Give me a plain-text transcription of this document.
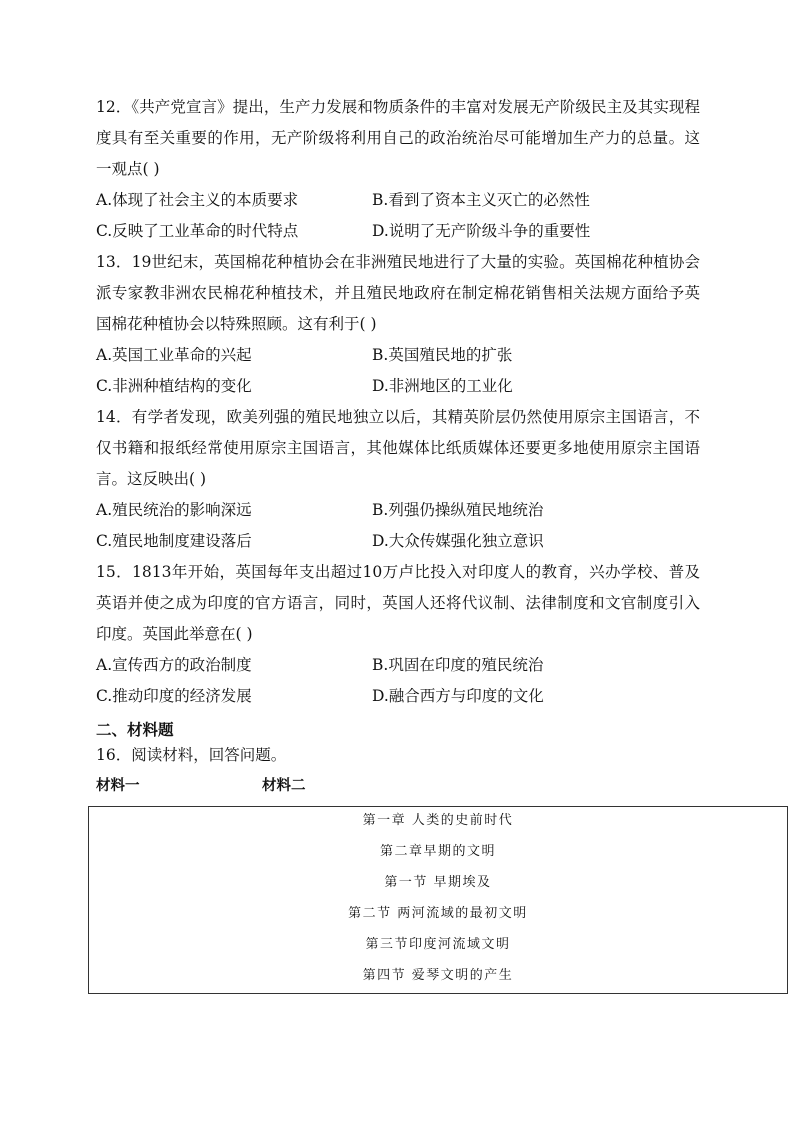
12．《共产党宣言》提出，生产力发展和物质条件的丰富对发展无产阶级民主及其实现程度具有至关重要的作用，无产阶级将利用自己的政治统治尽可能增加生产力的总量。这一观点( )

A.体现了社会主义的本质要求	B.看到了资本主义灭亡的必然性
C.反映了工业革命的时代特点	D.说明了无产阶级斗争的重要性

13．19世纪末，英国棉花种植协会在非洲殖民地进行了大量的实验。英国棉花种植协会派专家教非洲农民棉花种植技术，并且殖民地政府在制定棉花销售相关法规方面给予英国棉花种植协会以特殊照顾。这有利于( )

A.英国工业革命的兴起	B.英国殖民地的扩张
C.非洲种植结构的变化	D.非洲地区的工业化

14．有学者发现，欧美列强的殖民地独立以后，其精英阶层仍然使用原宗主国语言，不仅书籍和报纸经常使用原宗主国语言，其他媒体比纸质媒体还要更多地使用原宗主国语言。这反映出( )

A.殖民统治的影响深远	B.列强仍操纵殖民地统治
C.殖民地制度建设落后	D.大众传媒强化独立意识

15．1813年开始，英国每年支出超过10万卢比投入对印度人的教育，兴办学校、普及英语并使之成为印度的官方语言，同时，英国人还将代议制、法律制度和文官制度引入印度。英国此举意在( )

A.宣传西方的政治制度	B.巩固在印度的殖民统治
C.推动印度的经济发展	D.融合西方与印度的文化
二、材料题
16．阅读材料，回答问题。
材料一	材料二
第一章 人类的史前时代
第二章早期的文明
第一节 早期埃及
第二节 两河流域的最初文明
第三节印度河流域文明
第四节 爱琴文明的产生
